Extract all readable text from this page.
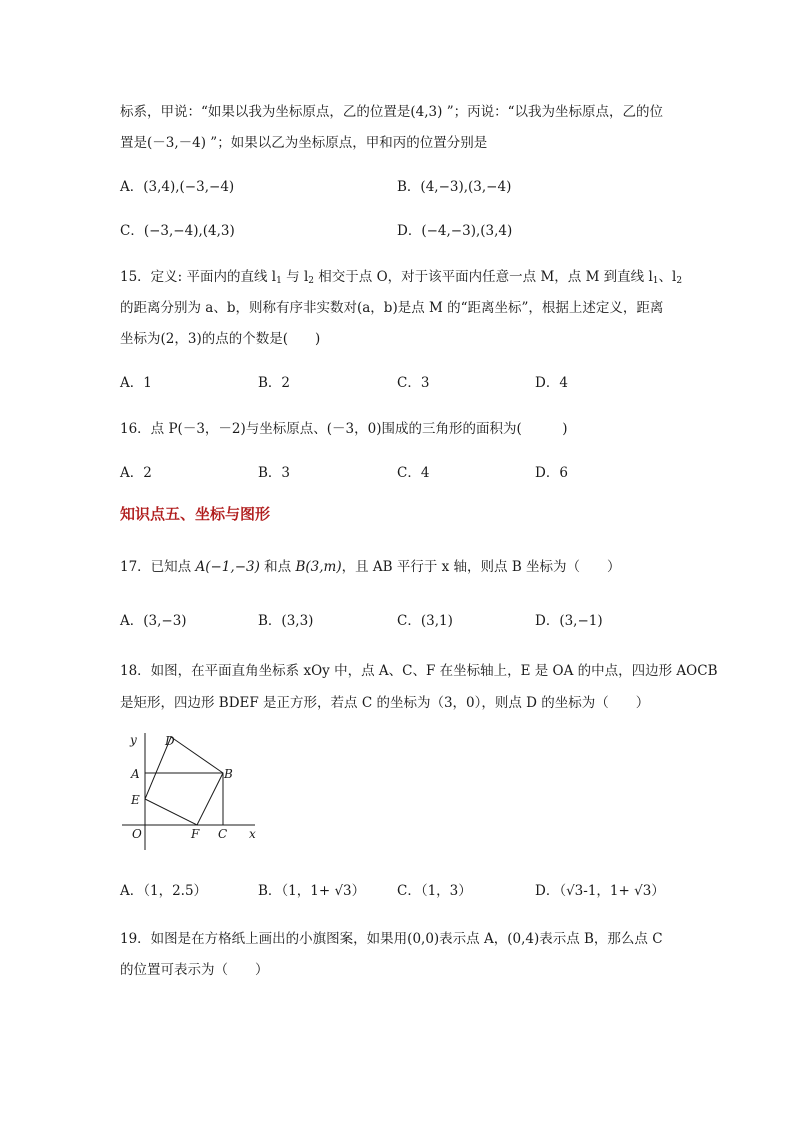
标系，甲说：“如果以我为坐标原点，乙的位置是(4,3) ”；丙说：“以我为坐标原点，乙的位
置是(－3,－4) ”；如果以乙为坐标原点，甲和丙的位置分别是
A．(3,4),(−3,−4)	B．(4,−3),(3,−4)
C．(−3,−4),(4,3)	D．(−4,−3),(3,4)
15．定义: 平面内的直线 $l_1$ 与 $l_2$ 相交于点 O，对于该平面内任意一点 M，点 M 到直线 $l_1$、$l_2$
的距离分别为 a、b，则称有序非实数对(a，b)是点 M 的“距离坐标”，根据上述定义，距离
坐标为(2，3)的点的个数是(　　)
A．1	B．2	C．3	D．4
16．点 P(－3，－2)与坐标原点、(－3，0)围成的三角形的面积为(　　　)
A．2	B．3	C．4	D．6
知识点五、坐标与图形
17．已知点 A(−1,−3) 和点 B(3,m)，且 AB 平行于 x 轴，则点 B 坐标为（　　）
A．(3,−3)	B．(3,3)	C．(3,1)	D．(3,−1)
18．如图，在平面直角坐标系 xOy 中，点 A、C、F 在坐标轴上，E 是 OA 的中点，四边形 AOCB
是矩形，四边形 BDEF 是正方形，若点 C 的坐标为（3，0），则点 D 的坐标为（　　）
y
x
D
A	B
E
O	F C
A．（1，2.5）	B．（1，1+ √3） C．（1，3）	D．（√3-1，1+ √3）
19．如图是在方格纸上画出的小旗图案，如果用(0,0)表示点 A，(0,4)表示点 B，那么点 C
的位置可表示为（　　）
